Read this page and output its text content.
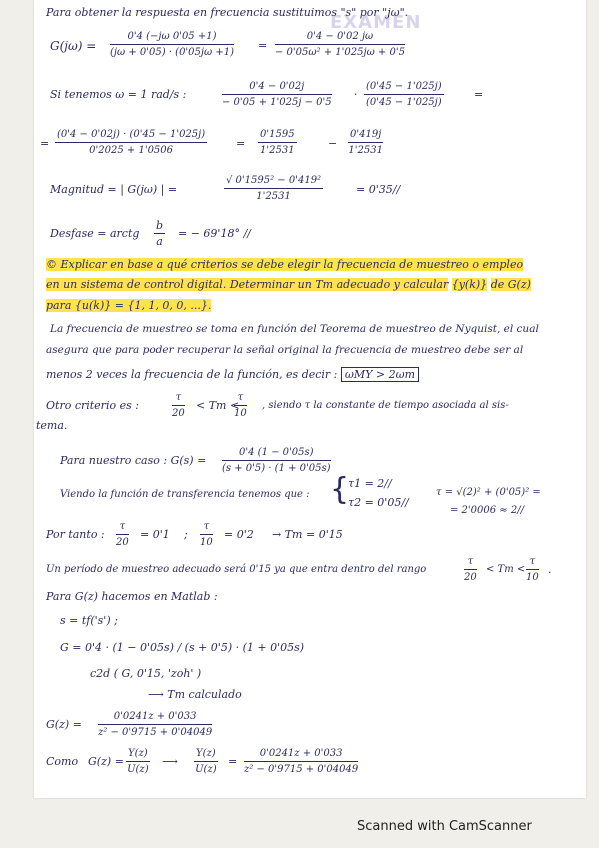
EXAMEN
Para obtener la respuesta en frecuencia sustituimos "s" por "jω".
$G(j\omega) = \frac{0'4 (-j\omega 0'05 +1)}{(j\omega + 0'05) \cdot (0'05j\omega +1)} = \frac{0'4 - 0'02 j\omega}{\text{− 0'05ω² + 1'025jω + 0'5}}$
Si tenemos ω = 1 rad/s :	$\frac{0'4 - 0'02j}{- 0'05 + 1'025j - 0'5} \cdot \frac{(0'45 - 1'025j)}{(0'45 - 1'025j)}$	=
= $\frac{(0'4 - 0'02j) \cdot (0'45 - 1'025j)}{0'2025 + 1'0506}$	= $\frac{0'1595}{1'2531}$	− $\frac{0'419j}{1'2531}$
Magnitud = | G(jω) | =	$\frac{\text{√ 0'1595² − 0'419²}}{1'2531}$	= 0'35//
Desfase = arctg $\frac{b}{a}$ = − 69'18° //
© Explicar en base a qué criterios se debe elegir la frecuencia de muestreo o empleo
en un sistema de control digital. Determinar un Tm adecuado y calcular {y(k)} de G(z)
para {u(k)} = {1, 1, 0, 0, ...}.
La frecuencia de muestreo se toma en función del Teorema de muestreo de Nyquist, el cual
asegura que para poder recuperar la señal original la frecuencia de muestreo debe ser al
menos 2 veces la frecuencia de la función, es decir : ωMY > 2ωm
Otro criterio es :	$\frac{\tau}{20} < Tm$ <
$\frac{\tau}{10}$ , siendo τ la constante de tiempo asociada al sis-
tema.
Para nuestro caso : $G(s) = \frac{0'4 (1 - 0'05s)}{(s + 0'5) \cdot (1 + 0'05s)}$
Viendo la función de transferencia tenemos que : {
τ1 = 2//
τ2 = 0'05//
τ = √(2)² + (0'05)² =
= 2'0006 ≈ 2//
Por tanto : $\frac{\tau}{20} = 0'1$ ; $\frac{\tau}{10} = 0'2 \to Tm = 0'15$
Un período de muestreo adecuado será 0'15 ya que entra dentro del rango	$\frac{\tau}{20} < Tm < \frac{\tau}{10}$ .
Para G(z) hacemos en Matlab :
s = tf('s') ;
G = 0'4 · (1 − 0'05s) / (s + 0'5) · (1 + 0'05s)
c2d ( G, 0'15, 'zoh' )
⟶ Tm calculado
$G(z) = \frac{0'0241z + 0'033}{\text{z² − 0'9715 + 0'04049}}$
Como $G(z) = \frac{Y(z)}{U(z)}$ ⟶ $\frac{Y(z)}{U(z)} = \frac{0'0241z + 0'033}{\text{z² − 0'9715 + 0'04049}}$
Scanned with CamScanner
